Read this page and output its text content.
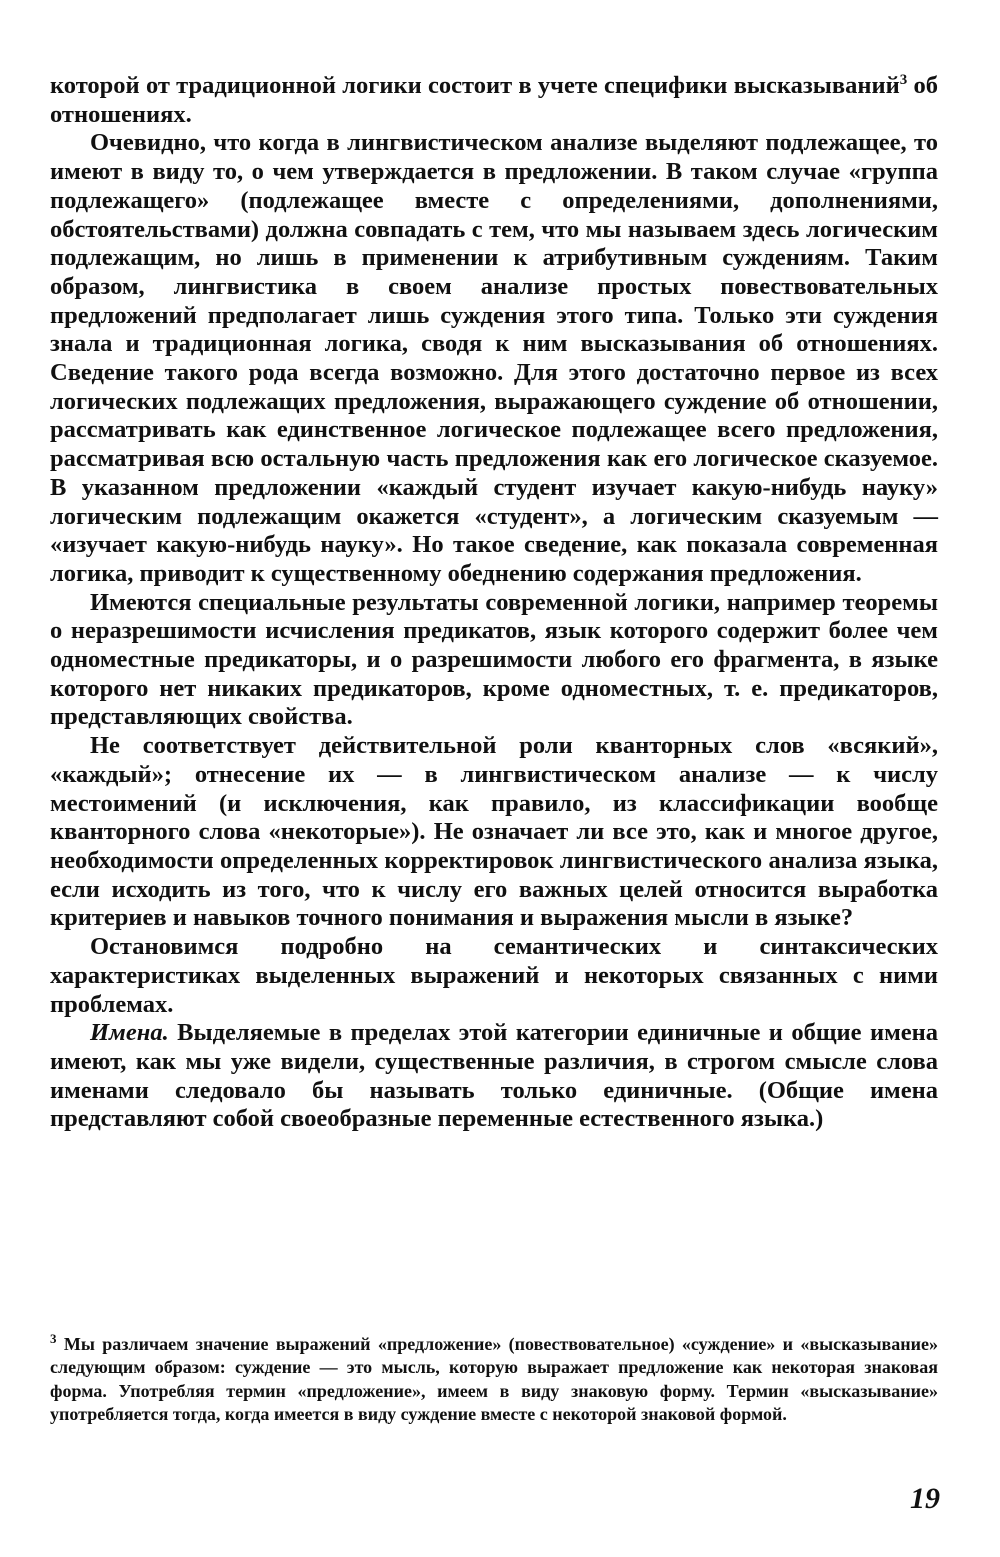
которой от традиционной логики состоит в учете специфики высказываний$^3$ об отношениях.

Очевидно, что когда в лингвистическом анализе выделяют подлежащее, то имеют в виду то, о чем утверждается в предложении. В таком случае «группа подлежащего» (подлежащее вместе с определениями, дополнениями, обстоятельствами) должна совпадать с тем, что мы называем здесь логическим подлежащим, но лишь в применении к атрибутивным суждениям. Таким образом, лингвистика в своем анализе простых повествовательных предложений предполагает лишь суждения этого типа. Только эти суждения знала и традиционная логика, сводя к ним высказывания об отношениях. Сведение такого рода всегда возможно. Для этого достаточно первое из всех логических подлежащих предложения, выражающего суждение об отношении, рассматривать как единственное логическое подлежащее всего предложения, рассматривая всю остальную часть предложения как его логическое сказуемое. В указанном предложении «каждый студент изучает какую-нибудь науку» логическим подлежащим окажется «студент», а логическим сказуемым — «изучает какую-нибудь науку». Но такое сведение, как показала современная логика, приводит к существенному обеднению содержания предложения.

Имеются специальные результаты современной логики, например теоремы о неразрешимости исчисления предикатов, язык которого содержит более чем одноместные предикаторы, и о разрешимости любого его фрагмента, в языке которого нет никаких предикаторов, кроме одноместных, т. е. предикаторов, представляющих свойства.

Не соответствует действительной роли кванторных слов «всякий», «каждый»; отнесение их — в лингвистическом анализе — к числу местоимений (и исключения, как правило, из классификации вообще кванторного слова «некоторые»). Не означает ли все это, как и многое другое, необходимости определенных корректировок лингвистического анализа языка, если исходить из того, что к числу его важных целей относится выработка критериев и навыков точного понимания и выражения мысли в языке?

Остановимся подробно на семантических и синтаксических характеристиках выделенных выражений и некоторых связанных с ними проблемах.

Имена. Выделяемые в пределах этой категории единичные и общие имена имеют, как мы уже видели, существенные различия, в строгом смысле слова именами следовало бы называть только единичные. (Общие имена представляют собой своеобразные переменные естественного языка.)

$^3$ Мы различаем значение выражений «предложение» (повествовательное) «суждение» и «высказывание» следующим образом: суждение — это мысль, которую выражает предложение как некоторая знаковая форма. Употребляя термин «предложение», имеем в виду знаковую форму. Термин «высказывание» употребляется тогда, когда имеется в виду суждение вместе с некоторой знаковой формой.
19
